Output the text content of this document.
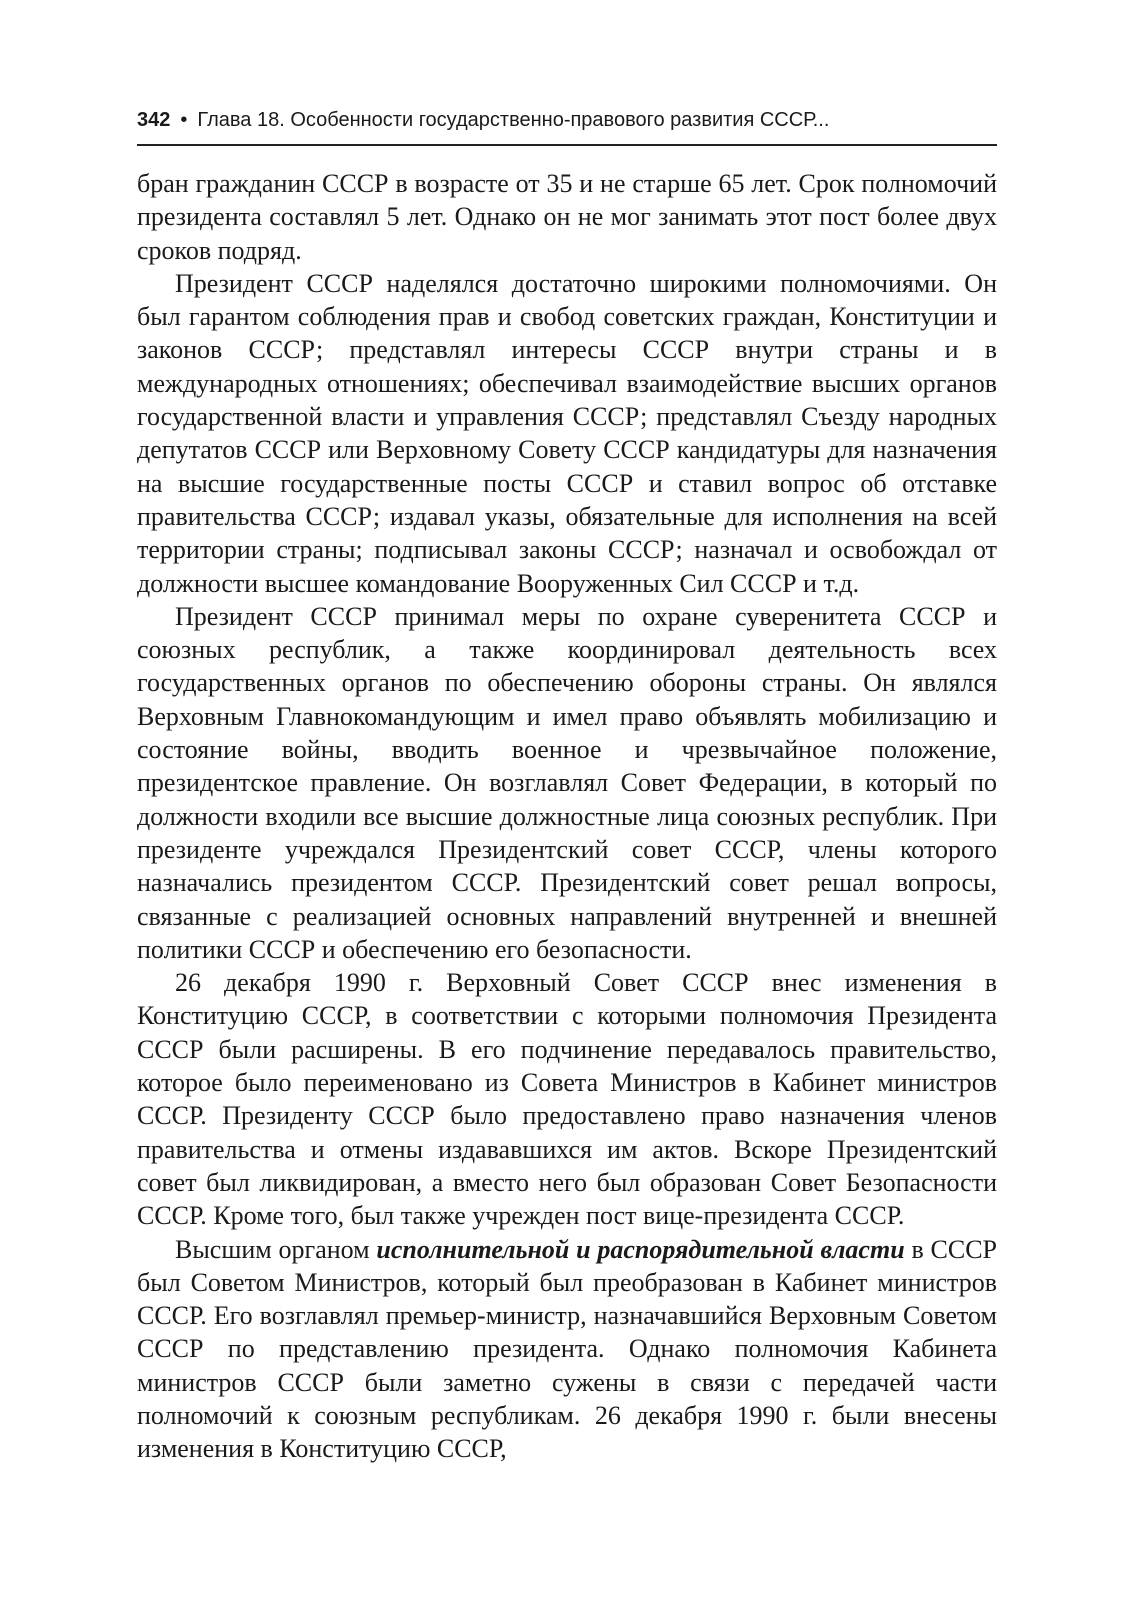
342 • Глава 18. Особенности государственно-правового развития СССР...

бран гражданин СССР в возрасте от 35 и не старше 65 лет. Срок полномочий президента составлял 5 лет. Однако он не мог занимать этот пост более двух сроков подряд.

Президент СССР наделялся достаточно широкими полномочиями. Он был гарантом соблюдения прав и свобод советских граждан, Конституции и законов СССР; представлял интересы СССР внутри страны и в международных отношениях; обеспечивал взаимодействие высших органов государственной власти и управления СССР; представлял Съезду народных депутатов СССР или Верховному Совету СССР кандидатуры для назначения на высшие государственные посты СССР и ставил вопрос об отставке правительства СССР; издавал указы, обязательные для исполнения на всей территории страны; подписывал законы СССР; назначал и освобождал от должности высшее командование Вооруженных Сил СССР и т.д.

Президент СССР принимал меры по охране суверенитета СССР и союзных республик, а также координировал деятельность всех государственных органов по обеспечению обороны страны. Он являлся Верховным Главнокомандующим и имел право объявлять мобилизацию и состояние войны, вводить военное и чрезвычайное положение, президентское правление. Он возглавлял Совет Федерации, в который по должности входили все высшие должностные лица союзных республик. При президенте учреждался Президентский совет СССР, члены которого назначались президентом СССР. Президентский совет решал вопросы, связанные с реализацией основных направлений внутренней и внешней политики СССР и обеспечению его безопасности.

26 декабря 1990 г. Верховный Совет СССР внес изменения в Конституцию СССР, в соответствии с которыми полномочия Президента СССР были расширены. В его подчинение передавалось правительство, которое было переименовано из Совета Министров в Кабинет министров СССР. Президенту СССР было предоставлено право назначения членов правительства и отмены издававшихся им актов. Вскоре Президентский совет был ликвидирован, а вместо него был образован Совет Безопасности СССР. Кроме того, был также учрежден пост вице-президента СССР.

Высшим органом исполнительной и распорядительной власти в СССР был Советом Министров, который был преобразован в Кабинет министров СССР. Его возглавлял премьер-министр, назначавшийся Верховным Советом СССР по представлению президента. Однако полномочия Кабинета министров СССР были заметно сужены в связи с передачей части полномочий к союзным республикам. 26 декабря 1990 г. были внесены изменения в Конституцию СССР,
